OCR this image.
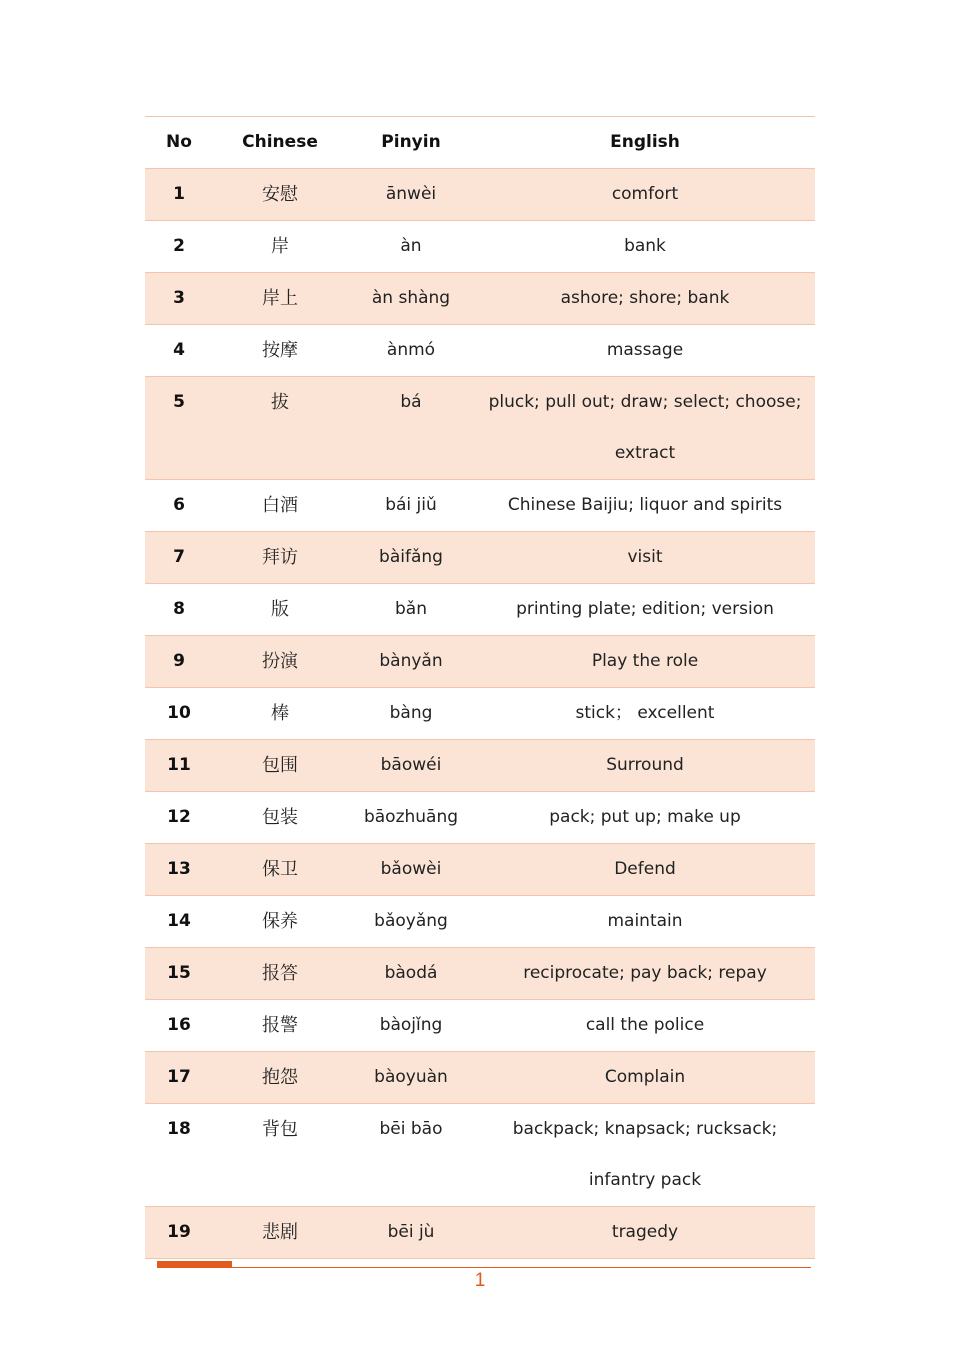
No	Chinese	Pinyin	English
1	安慰	ānwèi	comfort
2	岸	àn	bank
3	岸上	àn shàng	ashore; shore; bank
4	按摩	ànmó	massage
5	拔	bá	pluck; pull out; draw; select; choose; extract
6	白酒	bái jiǔ	Chinese Baijiu; liquor and spirits
7	拜访	bàifǎng	visit
8	版	bǎn	printing plate; edition; version
9	扮演	bànyǎn	Play the role
10	棒	bàng	stick； excellent
11	包围	bāowéi	Surround
12	包装	bāozhuāng	pack; put up; make up
13	保卫	bǎowèi	Defend
14	保养	bǎoyǎng	maintain
15	报答	bàodá	reciprocate; pay back; repay
16	报警	bàojǐng	call the police
17	抱怨	bàoyuàn	Complain
18	背包	bēi bāo	backpack; knapsack; rucksack; infantry pack
19	悲剧	bēi jù	tragedy
1
